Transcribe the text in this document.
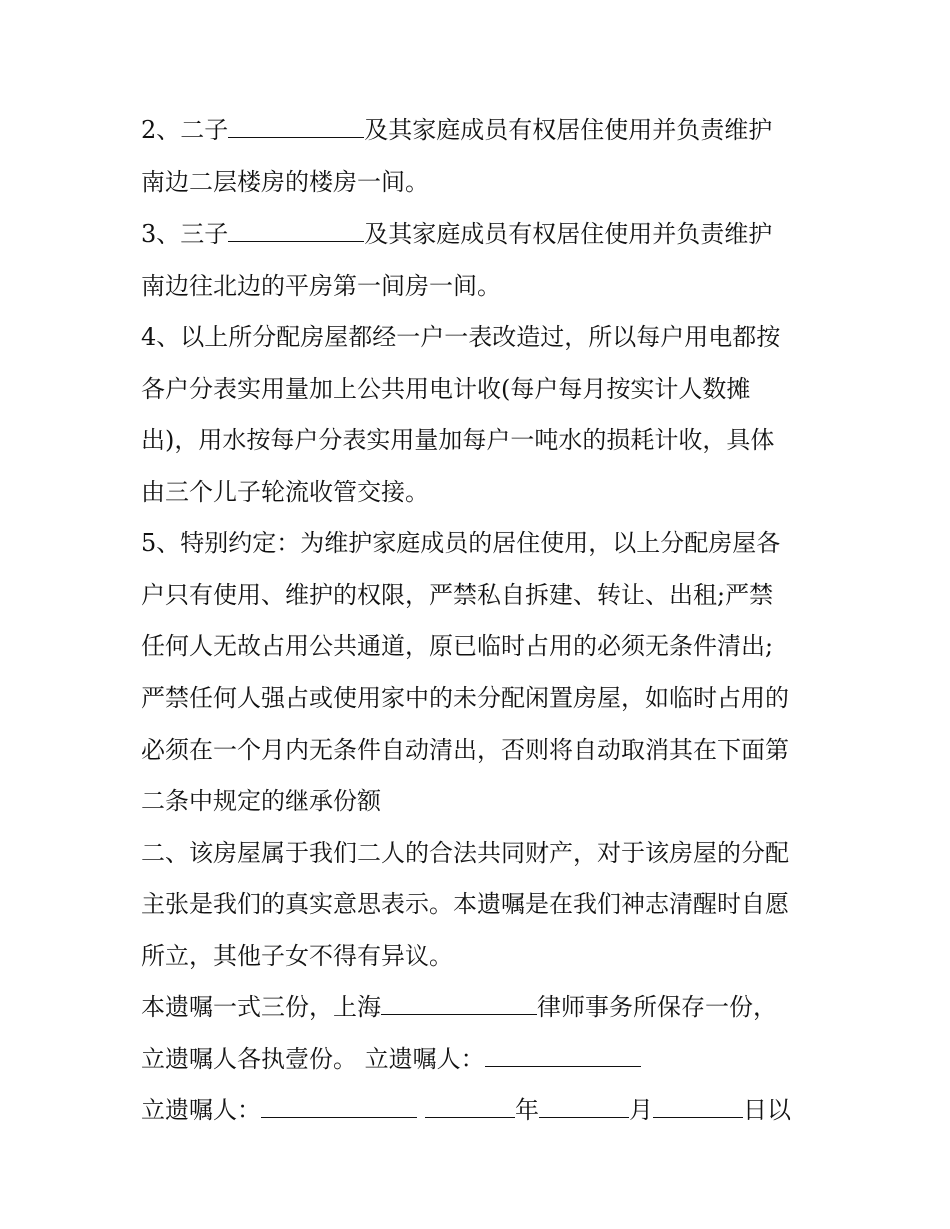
2、二子	及其家庭成员有权居住使用并负责维护
南边二层楼房的楼房一间。
3、三子	及其家庭成员有权居住使用并负责维护
南边往北边的平房第一间房一间。
4、以上所分配房屋都经一户一表改造过，所以每户用电都按
各户分表实用量加上公共用电计收(每户每月按实计人数摊
出)，用水按每户分表实用量加每户一吨水的损耗计收，具体
由三个儿子轮流收管交接。
5、特别约定：为维护家庭成员的居住使用，以上分配房屋各
户只有使用、维护的权限，严禁私自拆建、转让、出租;严禁
任何人无故占用公共通道，原已临时占用的必须无条件清出;
严禁任何人强占或使用家中的未分配闲置房屋，如临时占用的
必须在一个月内无条件自动清出，否则将自动取消其在下面第
二条中规定的继承份额
二、该房屋属于我们二人的合法共同财产，对于该房屋的分配
主张是我们的真实意思表示。本遗嘱是在我们神志清醒时自愿
所立，其他子女不得有异议。
本遗嘱一式三份，上海	律师事务所保存一份，
立遗嘱人各执壹份。 立遗嘱人：
立遗嘱人：	年	月	日以
